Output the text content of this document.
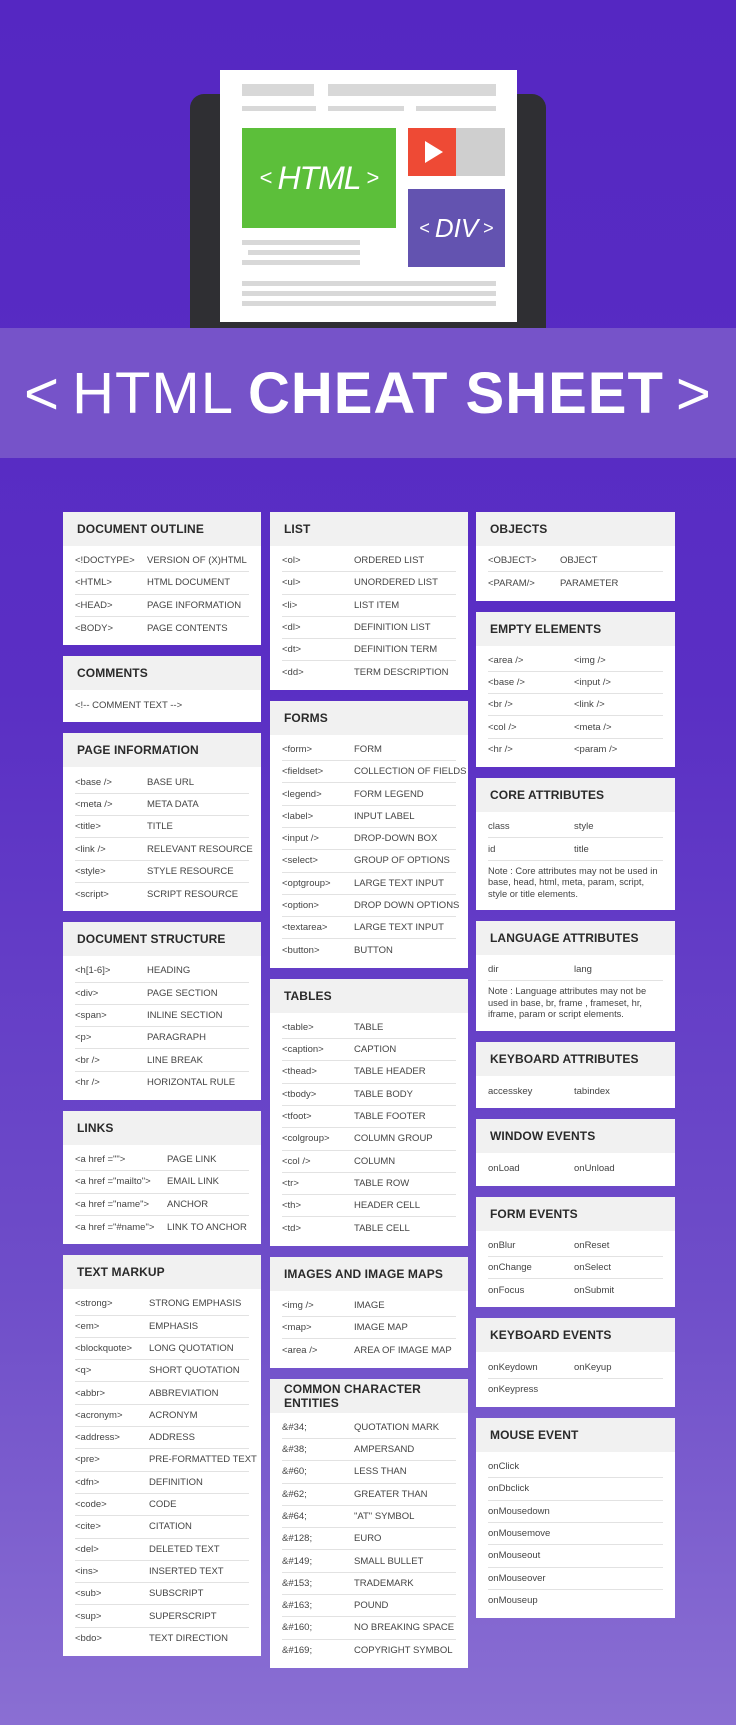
< HTML >
< DIV >
< HTML CHEAT SHEET >
DOCUMENT OUTLINE
<!DOCTYPE>	VERSION OF (X)HTML
<HTML>	HTML DOCUMENT
<HEAD>	PAGE INFORMATION
<BODY>	PAGE CONTENTS
COMMENTS
<!-- COMMENT TEXT -->
PAGE INFORMATION
<base />	BASE URL
<meta />	META DATA
<title>	TITLE
<link />	RELEVANT RESOURCE
<style>	STYLE RESOURCE
<script>	SCRIPT RESOURCE
DOCUMENT STRUCTURE
<h[1-6]>	HEADING
<div>	PAGE SECTION
<span>	INLINE SECTION
<p>	PARAGRAPH
<br />	LINE BREAK
<hr />	HORIZONTAL RULE
LINKS
<a href ="">	PAGE LINK
<a href ="mailto">	EMAIL LINK
<a href ="name">	ANCHOR
<a href ="#name">	LINK TO ANCHOR
TEXT MARKUP
<strong>	STRONG EMPHASIS
<em>	EMPHASIS
<blockquote>	LONG QUOTATION
<q>	SHORT QUOTATION
<abbr>	ABBREVIATION
<acronym>	ACRONYM
<address>	ADDRESS
<pre>	PRE-FORMATTED TEXT
<dfn>	DEFINITION
<code>	CODE
<cite>	CITATION
<del>	DELETED TEXT
<ins>	INSERTED TEXT
<sub>	SUBSCRIPT
<sup>	SUPERSCRIPT
<bdo>	TEXT DIRECTION
LIST
<ol>	ORDERED LIST
<ul>	UNORDERED LIST
<li>	LIST ITEM
<dl>	DEFINITION LIST
<dt>	DEFINITION TERM
<dd>	TERM DESCRIPTION
FORMS
<form>	FORM
<fieldset>	COLLECTION OF FIELDS
<legend>	FORM LEGEND
<label>	INPUT LABEL
<input />	DROP-DOWN BOX
<select>	GROUP OF OPTIONS
<optgroup>	LARGE TEXT INPUT
<option>	DROP DOWN OPTIONS
<textarea>	LARGE TEXT INPUT
<button>	BUTTON
TABLES
<table>	TABLE
<caption>	CAPTION
<thead>	TABLE HEADER
<tbody>	TABLE BODY
<tfoot>	TABLE FOOTER
<colgroup>	COLUMN GROUP
<col />	COLUMN
<tr>	TABLE ROW
<th>	HEADER CELL
<td>	TABLE CELL
IMAGES AND IMAGE MAPS
<img />	IMAGE
<map>	IMAGE MAP
<area />	AREA OF IMAGE MAP
COMMON CHARACTER ENTITIES
&#34;	QUOTATION MARK
&#38;	AMPERSAND
&#60;	LESS THAN
&#62;	GREATER THAN
&#64;	"AT" SYMBOL
&#128;	EURO
&#149;	SMALL BULLET
&#153;	TRADEMARK
&#163;	POUND
&#160;	NO BREAKING SPACE
&#169;	COPYRIGHT SYMBOL
OBJECTS
<OBJECT>	OBJECT
<PARAM/>	PARAMETER
EMPTY ELEMENTS
<area />	<img />
<base />	<input />
<br />	<link />
<col />	<meta />
<hr />	<param />
CORE ATTRIBUTES
class	style
id	title
Note : Core attributes may not be used in base, head, html, meta, param, script, style or title elements.
LANGUAGE ATTRIBUTES
dir	lang
Note : Language attributes may not be used in base, br, frame , frameset, hr, iframe, param or script elements.
KEYBOARD ATTRIBUTES
accesskey	tabindex
WINDOW EVENTS
onLoad	onUnload
FORM EVENTS
onBlur	onReset
onChange	onSelect
onFocus	onSubmit
KEYBOARD EVENTS
onKeydown	onKeyup
onKeypress
MOUSE EVENT
onClick
onDbclick
onMousedown
onMousemove
onMouseout
onMouseover
onMouseup
